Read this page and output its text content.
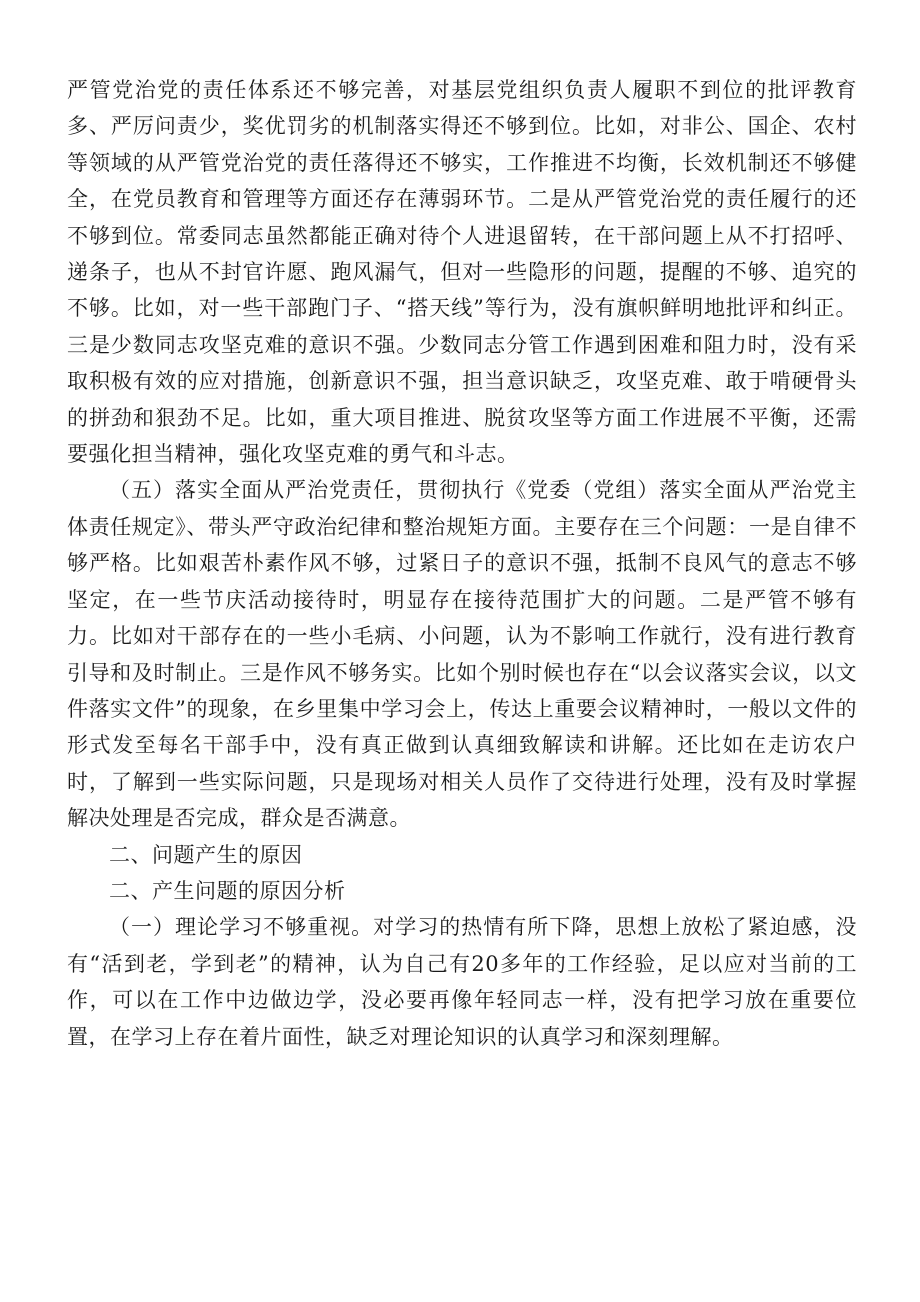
严管党治党的责任体系还不够完善，对基层党组织负责人履职不到位的批评教育多、严厉问责少，奖优罚劣的机制落实得还不够到位。比如，对非公、国企、农村等领域的从严管党治党的责任落得还不够实，工作推进不均衡，长效机制还不够健全，在党员教育和管理等方面还存在薄弱环节。二是从严管党治党的责任履行的还不够到位。常委同志虽然都能正确对待个人进退留转，在干部问题上从不打招呼、递条子，也从不封官许愿、跑风漏气，但对一些隐形的问题，提醒的不够、追究的不够。比如，对一些干部跑门子、“搭天线”等行为，没有旗帜鲜明地批评和纠正。三是少数同志攻坚克难的意识不强。少数同志分管工作遇到困难和阻力时，没有采取积极有效的应对措施，创新意识不强，担当意识缺乏，攻坚克难、敢于啃硬骨头的拼劲和狠劲不足。比如，重大项目推进、脱贫攻坚等方面工作进展不平衡，还需要强化担当精神，强化攻坚克难的勇气和斗志。

（五）落实全面从严治党责任，贯彻执行《党委（党组）落实全面从严治党主体责任规定》、带头严守政治纪律和整治规矩方面。主要存在三个问题：一是自律不够严格。比如艰苦朴素作风不够，过紧日子的意识不强，抵制不良风气的意志不够坚定，在一些节庆活动接待时，明显存在接待范围扩大的问题。二是严管不够有力。比如对干部存在的一些小毛病、小问题，认为不影响工作就行，没有进行教育引导和及时制止。三是作风不够务实。比如个别时候也存在“以会议落实会议，以文件落实文件”的现象，在乡里集中学习会上，传达上重要会议精神时，一般以文件的形式发至每名干部手中，没有真正做到认真细致解读和讲解。还比如在走访农户时，了解到一些实际问题，只是现场对相关人员作了交待进行处理，没有及时掌握解决处理是否完成，群众是否满意。

二、问题产生的原因

二、产生问题的原因分析

（一）理论学习不够重视。对学习的热情有所下降，思想上放松了紧迫感，没有“活到老，学到老”的精神，认为自己有20多年的工作经验，足以应对当前的工作，可以在工作中边做边学，没必要再像年轻同志一样，没有把学习放在重要位置，在学习上存在着片面性，缺乏对理论知识的认真学习和深刻理解。
